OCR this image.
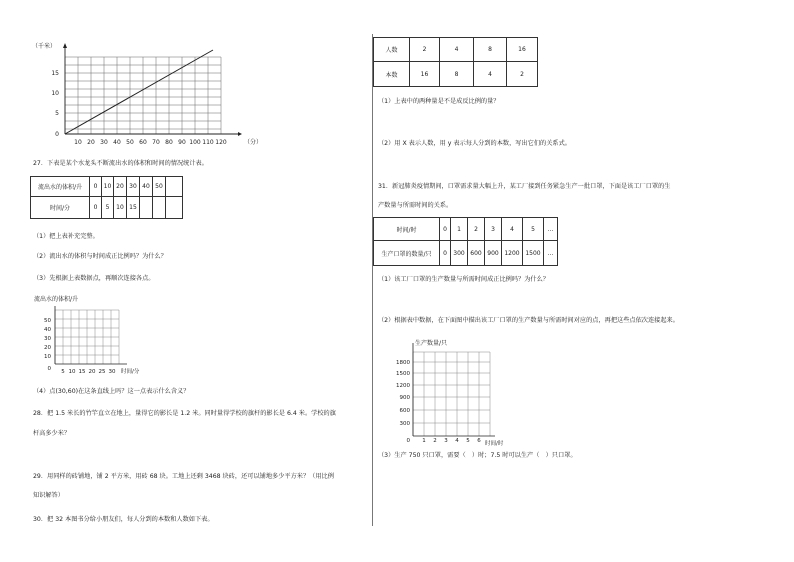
（千米）
（分）
15
10
5
0
10 20 30 40 50 60 70 80 90 100 110 120
27．下表是某个水龙头不断流出水的体积和时间的情况统计表。
流出水的体积/升	0	10	20	30	40	50	
时间/分	0	5	10	15			
（1）把上表补充完整。
（2）流出水的体积与时间成正比例吗？为什么？
（3）先根据上表数据点，再顺次连接各点。
流出水的体积/升
50
40
30
20
10
0 5 10 15 20 25 30 时间/分
（4）点(30,60)在这条直线上吗？这一点表示什么含义？
28．把 1.5 米长的竹竿直立在地上，量得它的影长是 1.2 米。同时量得学校的旗杆的影长是 6.4 米。学校的旗
杆高多少米？
29．用同样的砖铺地，铺 2 平方米，用砖 68 块。工地上还剩 3468 块砖，还可以铺地多少平方米？（用比例
知识解答）
30．把 32 本图书分给小朋友们，每人分到的本数和人数如下表。
人数	2	4	8	16
本数	16	8	4	2
（1）上表中的两种量是不是成反比例的量？
（2）用 X 表示人数，用 y 表示每人分到的本数，写出它们的关系式。
31．新冠肺炎疫情期间，口罩需求量大幅上升，某工厂接到任务紧急生产一批口罩，下面是该工厂口罩的生
产数量与所需时间的关系。
时间/时	0	1	2	3	4	5	…
生产口罩的数量/只	0	300	600	900	1200	1500	…
（1）该工厂口罩的生产数量与所需时间成正比例吗？为什么？
（2）根据表中数据，在下面图中描出该工厂口罩的生产数量与所需时间对应的点，再把这些点依次连接起来。
生产数量/只
1800
1500
1200
900
600
300
0 1 2 3 4 5 6 时间/时
（3）生产 750 只口罩，需要（　）时；7.5 时可以生产（　）只口罩。
